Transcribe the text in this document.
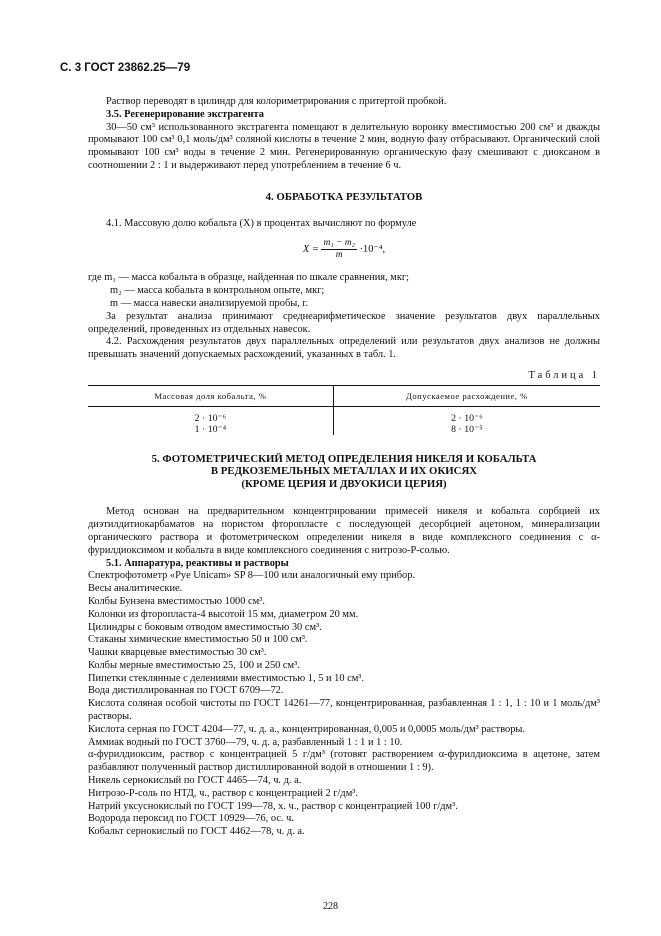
С. 3 ГОСТ 23862.25—79

Раствор переводят в цилиндр для колориметрирования с притертой пробкой.

3.5. Регенерирование экстрагента

30—50 см³ использованного экстрагента помещают в делительную воронку вместимостью 200 см³ и дважды промывают 100 см³ 0,1 моль/дм³ соляной кислоты в течение 2 мин, водную фазу отбрасывают. Органический слой промывают 100 см³ воды в течение 2 мин. Регенерированную органическую фазу смешивают с диоксаном в соотношении 2 : 1 и выдерживают перед употреблением в течение 6 ч.

4. ОБРАБОТКА РЕЗУЛЬТАТОВ

4.1. Массовую долю кобальта (X) в процентах вычисляют по формуле

$X = \frac{\text{m₁ − m₂}}{m} \cdot 10^{-4}$,

где m₁ — масса кобальта в образце, найденная по шкале сравнения, мкг;

m₂ — масса кобальта в контрольном опыте, мкг;

m — масса навески анализируемой пробы, г.

За результат анализа принимают среднеарифметическое значение результатов двух параллельных определений, проведенных из отдельных навесок.

4.2. Расхождения результатов двух параллельных определений или результатов двух анализов не должны превышать значений допускаемых расхождений, указанных в табл. 1.

Таблица 1
Массовая доля кобальта, %	Допускаемое расхождение, %
2 · 10⁻⁶	2 · 10⁻⁶
1 · 10⁻⁴	8 · 10⁻⁵
5. ФОТОМЕТРИЧЕСКИЙ МЕТОД ОПРЕДЕЛЕНИЯ НИКЕЛЯ И КОБАЛЬТА
В РЕДКОЗЕМЕЛЬНЫХ МЕТАЛЛАХ И ИХ ОКИСЯХ
(КРОМЕ ЦЕРИЯ И ДВУОКИСИ ЦЕРИЯ)

Метод основан на предварительном концентрировании примесей никеля и кобальта сорбцией их диэтилдитиокарбаматов на пористом фторопласте с последующей десорбцией ацетоном, минерализации органического раствора и фотометрическом определении никеля в виде комплексного соединения с α-фурилдиоксимом и кобальта в виде комплексного соединения с нитрозо-Р-солью.

5.1. Аппаратура, реактивы и растворы

Спектрофотометр «Pye Unicam» SP 8—100 или аналогичный ему прибор.

Весы аналитические.

Колбы Бунзена вместимостью 1000 см³.

Колонки из фторопласта-4 высотой 15 мм, диаметром 20 мм.

Цилиндры с боковым отводом вместимостью 30 см³.

Стаканы химические вместимостью 50 и 100 см³.

Чашки кварцевые вместимостью 30 см³.

Колбы мерные вместимостью 25, 100 и 250 см³.

Пипетки стеклянные с делениями вместимостью 1, 5 и 10 см³.

Вода дистиллированная по ГОСТ 6709—72.

Кислота соляная особой чистоты по ГОСТ 14261—77, концентрированная, разбавленная 1 : 1, 1 : 10 и 1 моль/дм³ растворы.

Кислота серная по ГОСТ 4204—77, ч. д. а., концентрированная, 0,005 и 0,0005 моль/дм³ растворы.

Аммиак водный по ГОСТ 3760—79, ч. д. а, разбавленный 1 : 1 и 1 : 10.

α-фурилдиоксим, раствор с концентрацией 5 г/дм³ (готовят растворением α-фурилдиоксима в ацетоне, затем разбавляют полученный раствор дистиллированной водой в отношении 1 : 9).

Никель сернокислый по ГОСТ 4465—74, ч. д. а.

Нитрозо-Р-соль по НТД, ч., раствор с концентрацией 2 г/дм³.

Натрий уксуснокислый по ГОСТ 199—78, х. ч., раствор с концентрацией 100 г/дм³.

Водорода пероксид по ГОСТ 10929—76, ос. ч.

Кобальт сернокислый по ГОСТ 4462—78, ч. д. а.

228
